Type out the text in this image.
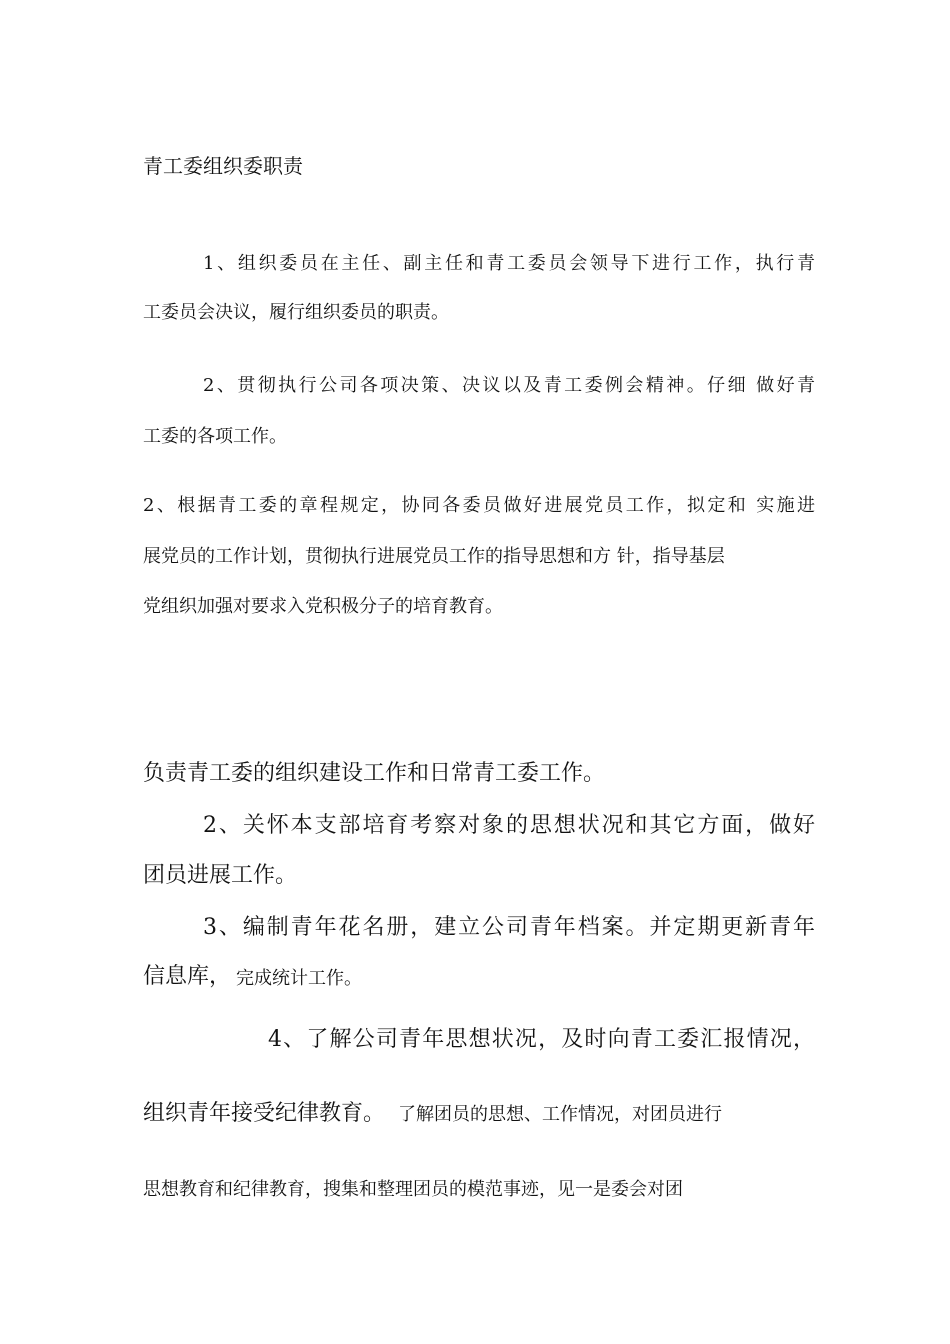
青工委组织委职责
1、组织委员在主任、副主任和青工委员会领导下进行工作，执行青
工委员会决议，履行组织委员的职责。
2、贯彻执行公司各项决策、决议以及青工委例会精神。仔细 做好青
工委的各项工作。
2、根据青工委的章程规定，协同各委员做好进展党员工作，拟定和 实施进
展党员的工作计划，贯彻执行进展党员工作的指导思想和方 针，指导基层
党组织加强对要求入党积极分子的培育教育。
负责青工委的组织建设工作和日常青工委工作。
2、关怀本支部培育考察对象的思想状况和其它方面，做好
团员进展工作。
3、编制青年花名册，建立公司青年档案。并定期更新青年
信息库， 完成统计工作。
4、了解公司青年思想状况，及时向青工委汇报情况，
组织青年接受纪律教育。 了解团员的思想、工作情况，对团员进行
思想教育和纪律教育，搜集和整理团员的模范事迹，见一是委会对团
